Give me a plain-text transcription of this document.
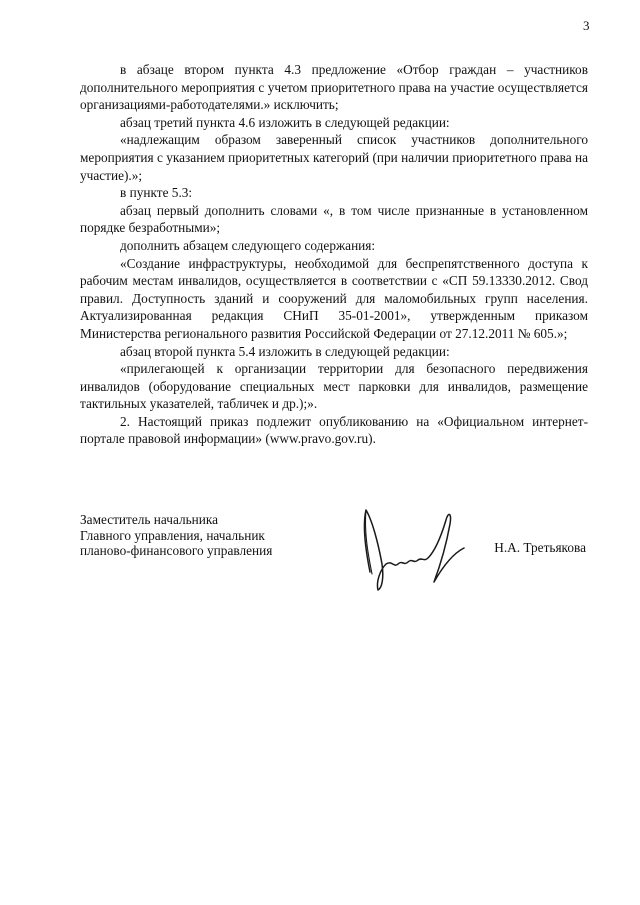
3

в абзаце втором пункта 4.3 предложение «Отбор граждан – участников дополнительного мероприятия с учетом приоритетного права на участие осуществляется организациями-работодателями.» исключить;

абзац третий пункта 4.6 изложить в следующей редакции:

«надлежащим образом заверенный список участников дополнительного мероприятия с указанием приоритетных категорий (при наличии приоритетного права на участие).»;

в пункте 5.3:

абзац первый дополнить словами «, в том числе признанные в установленном порядке безработными»;

дополнить абзацем следующего содержания:

«Создание инфраструктуры, необходимой для беспрепятственного доступа к рабочим местам инвалидов, осуществляется в соответствии с «СП 59.13330.2012. Свод правил. Доступность зданий и сооружений для маломобильных групп населения. Актуализированная редакция СНиП 35-01-2001», утвержденным приказом Министерства регионального развития Российской Федерации от 27.12.2011 № 605.»;

абзац второй пункта 5.4 изложить в следующей редакции:

«прилегающей к организации территории для безопасного передвижения инвалидов (оборудование специальных мест парковки для инвалидов, размещение тактильных указателей, табличек и др.);».

2. Настоящий приказ подлежит опубликованию на «Официальном интернет-портале правовой информации» (www.pravo.gov.ru).

Заместитель начальника
Главного управления, начальник
планово-финансового управления	Н.А. Третьякова
